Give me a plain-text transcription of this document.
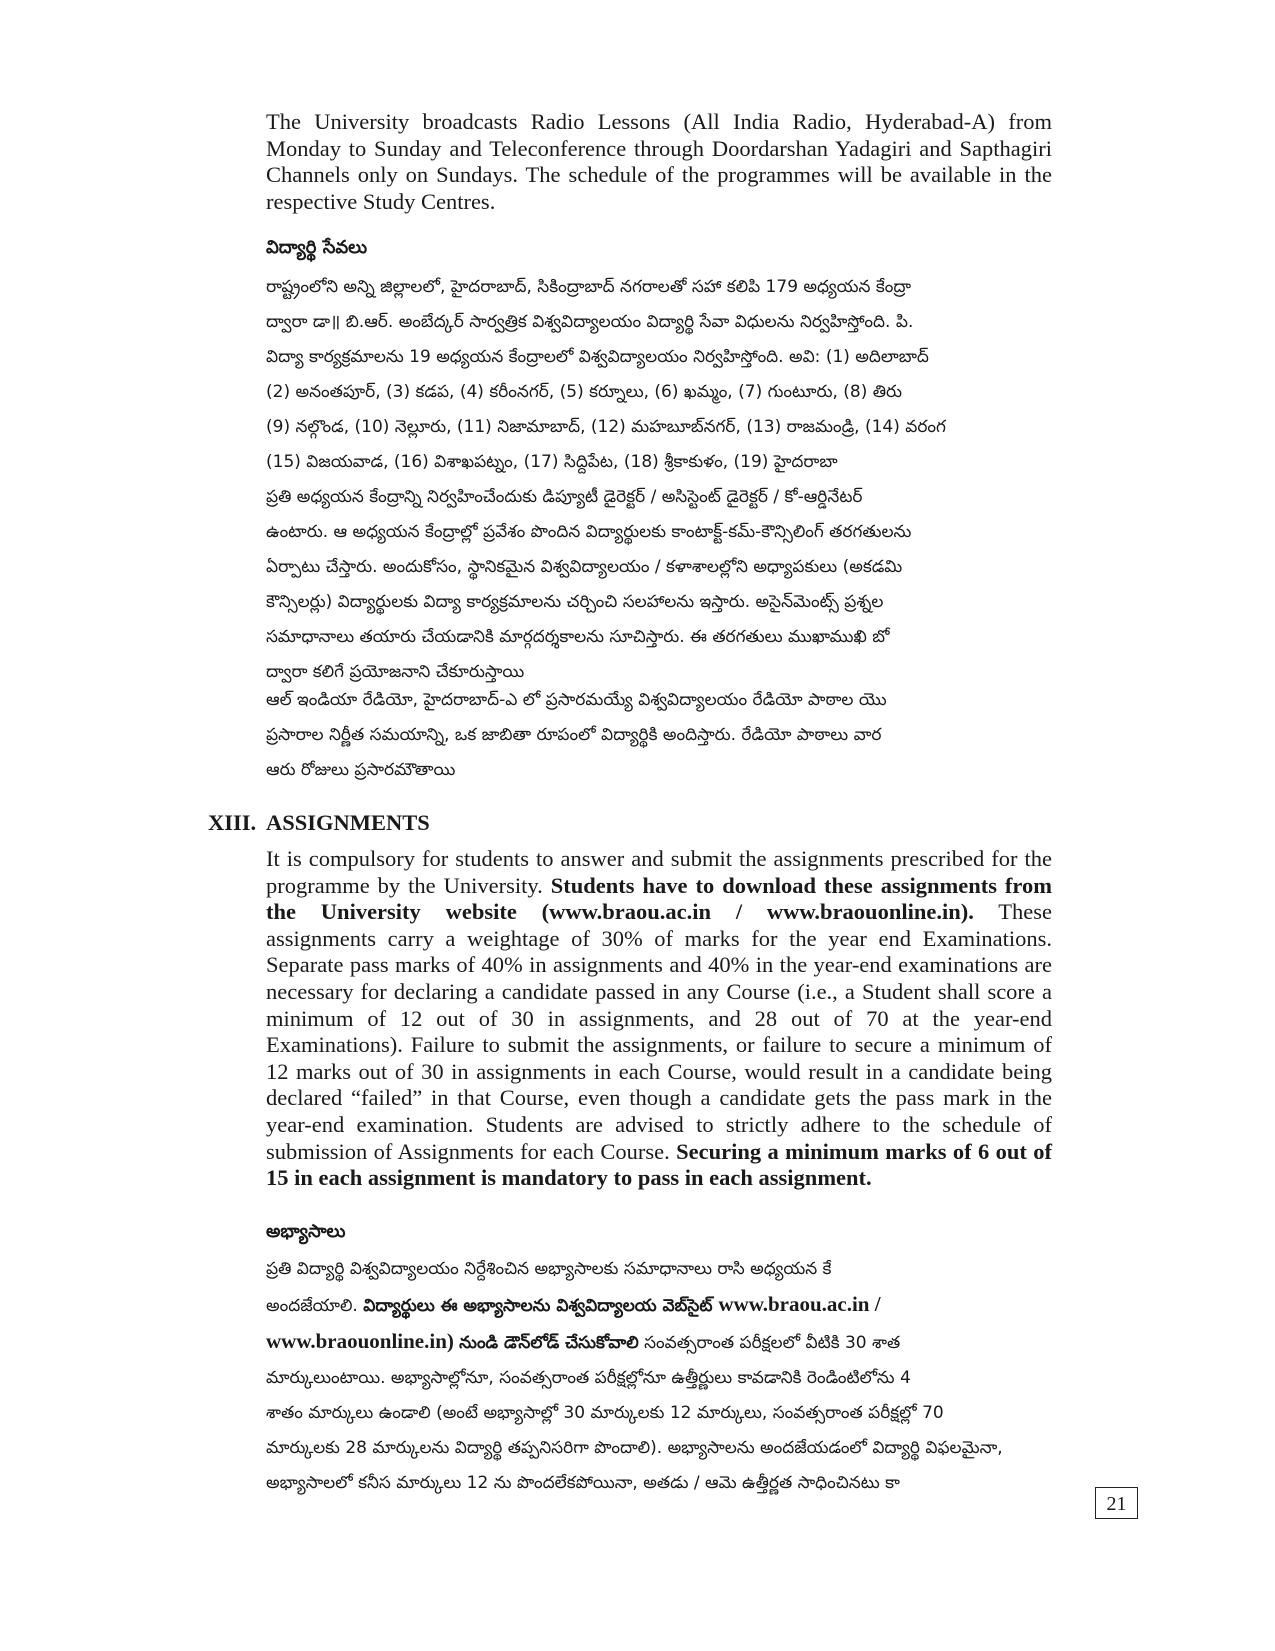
The University broadcasts Radio Lessons (All India Radio, Hyderabad-A) from Monday to Sunday and Teleconference through Doordarshan Yadagiri and Sapthagiri Channels only on Sundays. The schedule of the programmes will be available in the respective Study Centres.

విద్యార్థి సేవలు

రాష్ట్రంలోని అన్ని జిల్లాలలో, హైదరాబాద్, సికింద్రాబాద్ నగరాలతో సహా కలిపి 179 అధ్యయన కేంద్రా
ద్వారా డా॥ బి.ఆర్. అంబేద్కర్ సార్వత్రిక విశ్వవిద్యాలయం విద్యార్థి సేవా విధులను నిర్వహిస్తోంది. పి.
విద్యా కార్యక్రమాలను 19 అధ్యయన కేంద్రాలలో విశ్వవిద్యాలయం నిర్వహిస్తోంది. అవి: (1) అదిలాబాద్
(2) అనంతపూర్, (3) కడప, (4) కరీంనగర్, (5) కర్నూలు, (6) ఖమ్మం, (7) గుంటూరు, (8) తిరు
(9) నల్గొండ, (10) నెల్లూరు, (11) నిజామాబాద్, (12) మహబూబ్‌నగర్, (13) రాజమండ్రి, (14) వరంగ
(15) విజయవాడ, (16) విశాఖపట్నం, (17) సిద్దిపేట, (18) శ్రీకాకుళం, (19) హైదరాబా
ప్రతి అధ్యయన కేంద్రాన్ని నిర్వహించేందుకు డిప్యూటీ డైరెక్టర్ / అసిస్టెంట్ డైరెక్టర్ / కో-ఆర్డినేటర్
ఉంటారు. ఆ అధ్యయన కేంద్రాల్లో ప్రవేశం పొందిన విద్యార్థులకు కాంటాక్ట్-కమ్-కౌన్సిలింగ్ తరగతులను
ఏర్పాటు చేస్తారు. అందుకోసం, స్థానికమైన విశ్వవిద్యాలయం / కళాశాలల్లోని అధ్యాపకులు (అకడమి
కౌన్సిలర్లు) విద్యార్థులకు విద్యా కార్యక్రమాలను చర్చించి సలహాలను ఇస్తారు. అసైన్‌మెంట్స్ ప్రశ్నల
సమాధానాలు తయారు చేయడానికి మార్గదర్శకాలను సూచిస్తారు. ఈ తరగతులు ముఖాముఖి బో
ద్వారా కలిగే ప్రయోజనాని చేకూరుస్తాయి
ఆల్ ఇండియా రేడియో, హైదరాబాద్-ఎ లో ప్రసారమయ్యే విశ్వవిద్యాలయం రేడియో పాఠాల యొ
ప్రసారాల నిర్ణీత సమయాన్ని, ఒక జాబితా రూపంలో విద్యార్థికి అందిస్తారు. రేడియో పాఠాలు వార
ఆరు రోజులు ప్రసారమౌతాయి

XIII. ASSIGNMENTS

It is compulsory for students to answer and submit the assignments prescribed for the programme by the University. Students have to download these assignments from the University website (www.braou.ac.in / www.braouonline.in). These assignments carry a weightage of 30% of marks for the year end Examinations. Separate pass marks of 40% in assignments and 40% in the year-end examinations are necessary for declaring a candidate passed in any Course (i.e., a Student shall score a minimum of 12 out of 30 in assignments, and 28 out of 70 at the year-end Examinations). Failure to submit the assignments, or failure to secure a minimum of 12 marks out of 30 in assignments in each Course, would result in a candidate being declared “failed” in that Course, even though a candidate gets the pass mark in the year-end examination. Students are advised to strictly adhere to the schedule of submission of Assignments for each Course. Securing a minimum marks of 6 out of 15 in each assignment is mandatory to pass in each assignment.

అభ్యాసాలు

ప్రతి విద్యార్థి విశ్వవిద్యాలయం నిర్దేశించిన అభ్యాసాలకు సమాధానాలు రాసి అధ్యయన కే
అందజేయాలి. విద్యార్థులు ఈ అభ్యాసాలను విశ్వవిద్యాలయ వెబ్‌సైట్ www.braou.ac.in /
www.braouonline.in) నుండి డౌన్‌లోడ్ చేసుకోవాలి సంవత్సరాంత పరీక్షలలో వీటికి 30 శాత
మార్కులుంటాయి. అభ్యాసాల్లోనూ, సంవత్సరాంత పరీక్షల్లోనూ ఉత్తీర్ణులు కావడానికి రెండింటిలోను 4
శాతం మార్కులు ఉండాలి (అంటే అభ్యాసాల్లో 30 మార్కులకు 12 మార్కులు, సంవత్సరాంత పరీక్షల్లో 70
మార్కులకు 28 మార్కులను విద్యార్థి తప్పనిసరిగా పొందాలి). అభ్యాసాలను అందజేయడంలో విద్యార్థి విఫలమైనా,
అభ్యాసాలలో కనీస మార్కులు 12 ను పొందలేకపోయినా, అతడు / ఆమె ఉత్తీర్ణత సాధించినటు కా
21
